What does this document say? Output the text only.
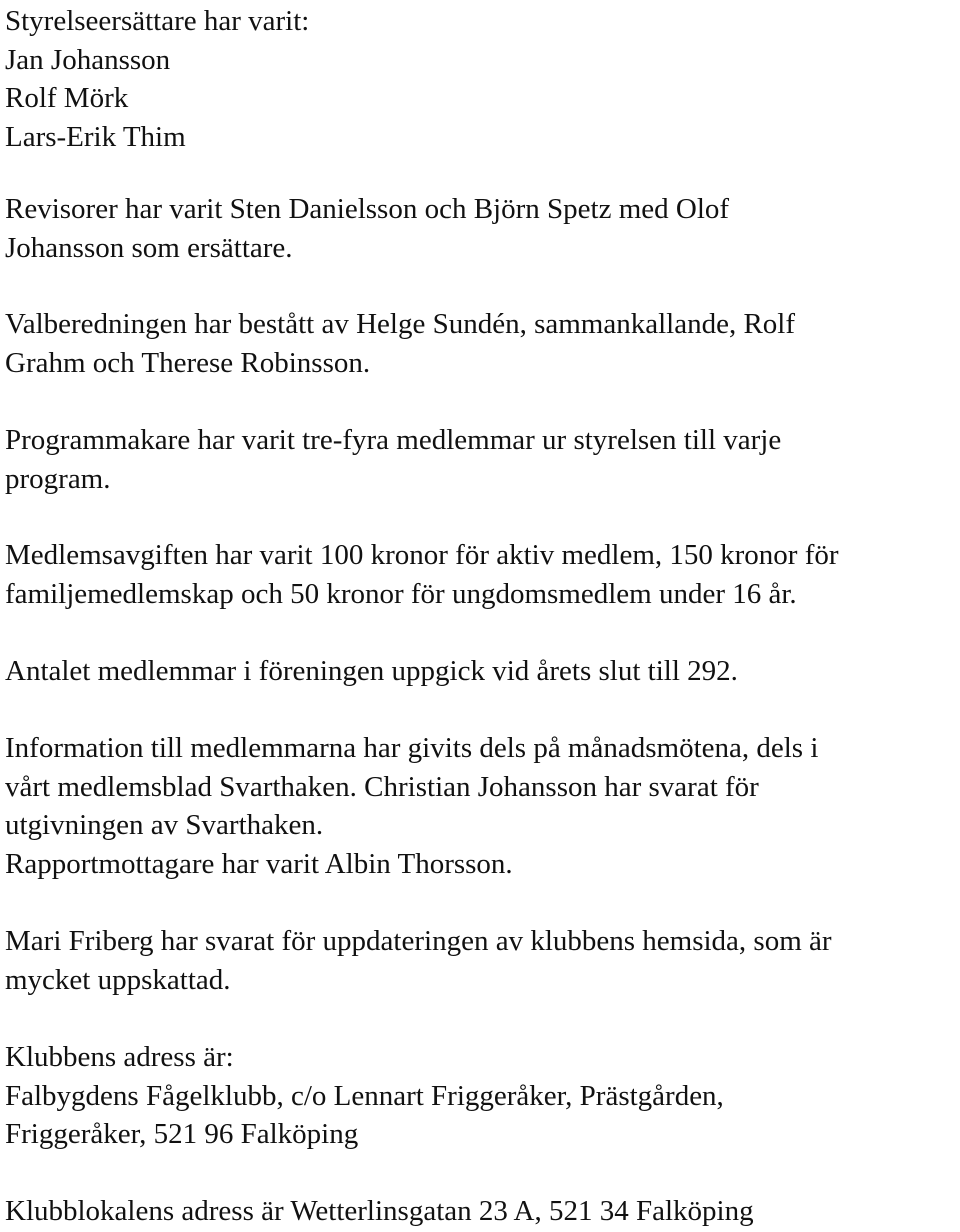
Styrelseersättare har varit:
Jan Johansson
Rolf Mörk
Lars-Erik Thim
Revisorer har varit Sten Danielsson och Björn Spetz med Olof
Johansson som ersättare.
Valberedningen har bestått av Helge Sundén, sammankallande, Rolf
Grahm och Therese Robinsson.
Programmakare har varit tre-fyra medlemmar ur styrelsen till varje
program.
Medlemsavgiften har varit 100 kronor för aktiv medlem, 150 kronor för
familjemedlemskap och 50 kronor för ungdomsmedlem under 16 år.
Antalet medlemmar i föreningen uppgick vid årets slut till 292.
Information till medlemmarna har givits dels på månadsmötena, dels i
vårt medlemsblad Svarthaken. Christian Johansson har svarat för
utgivningen av Svarthaken.
Rapportmottagare har varit Albin Thorsson.
Mari Friberg har svarat för uppdateringen av klubbens hemsida, som är
mycket uppskattad.
Klubbens adress är:
Falbygdens Fågelklubb, c/o Lennart Friggeråker, Prästgården,
Friggeråker, 521 96 Falköping
Klubblokalens adress är Wetterlinsgatan 23 A, 521 34 Falköping
